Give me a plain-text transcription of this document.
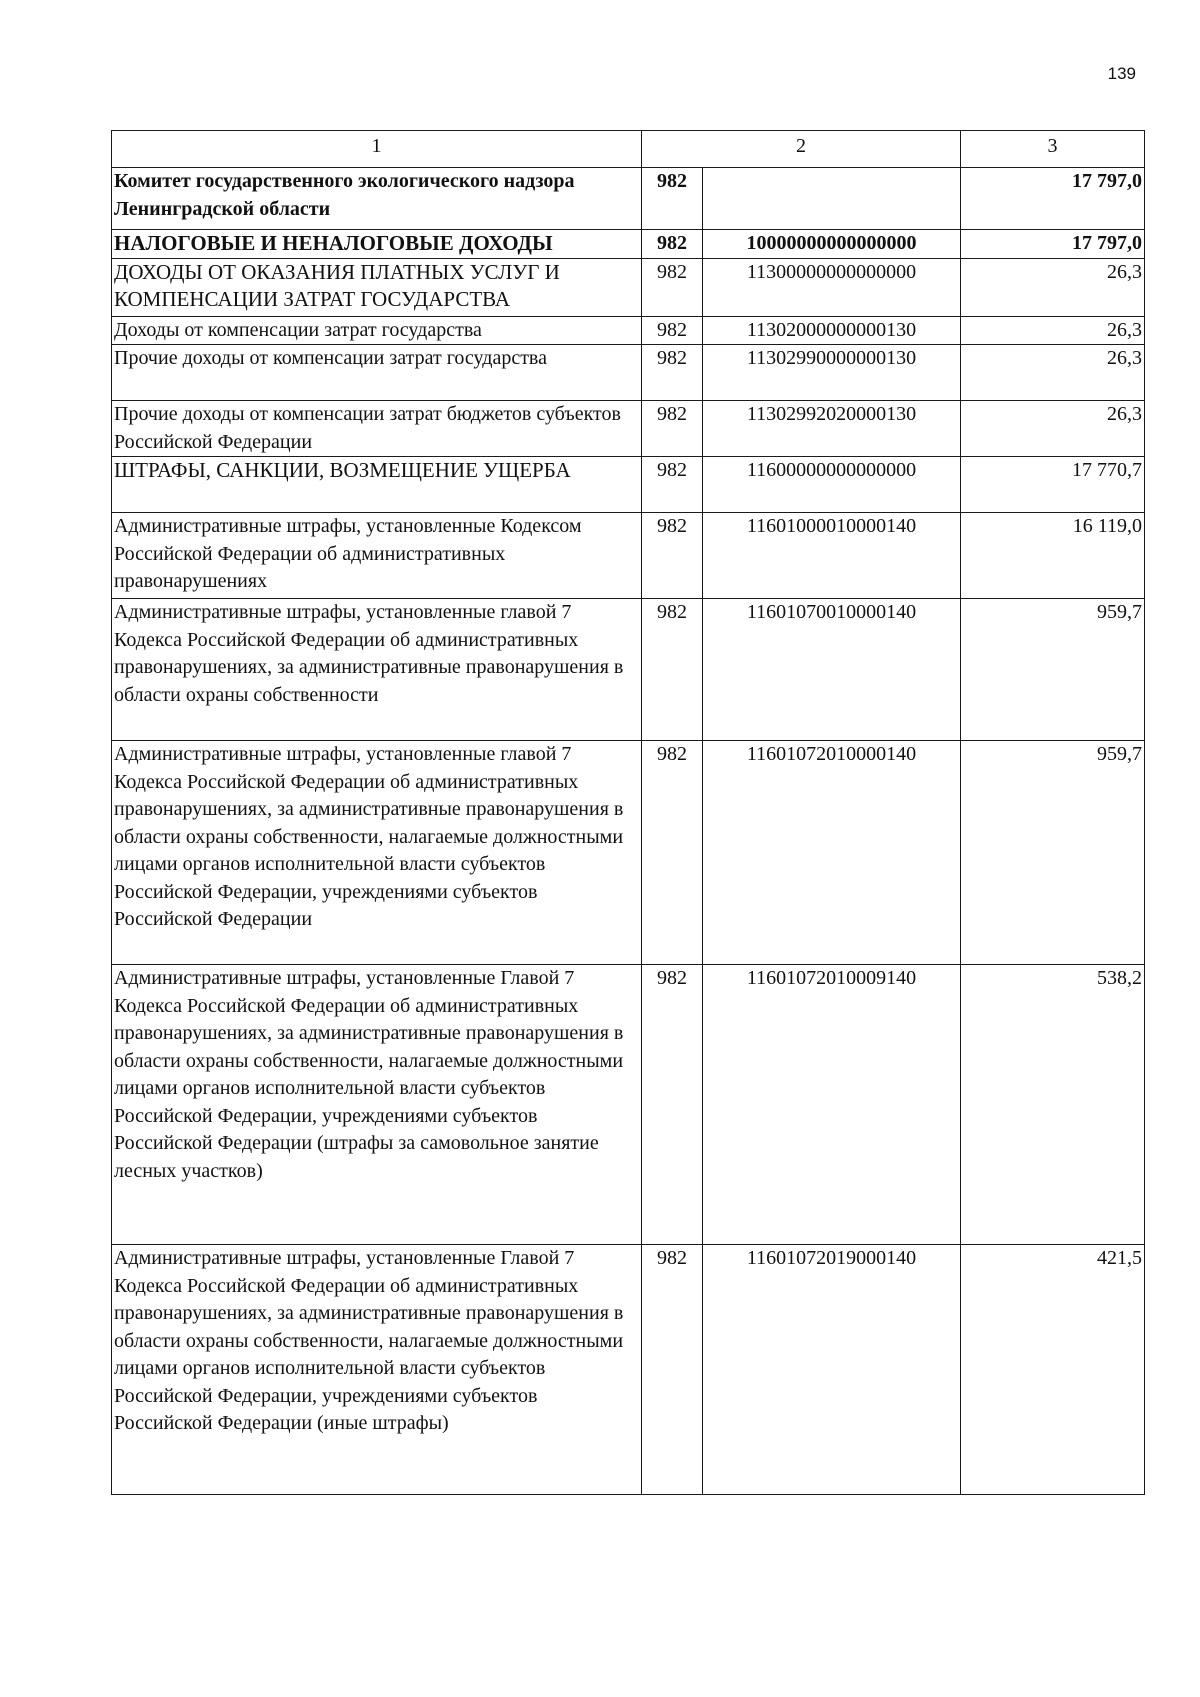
139
1	2		3
Комитет государственного экологического надзора Ленинградской области	982		17 797,0
НАЛОГОВЫЕ И НЕНАЛОГОВЫЕ ДОХОДЫ	982	10000000000000000	17 797,0
ДОХОДЫ ОТ ОКАЗАНИЯ ПЛАТНЫХ УСЛУГ И КОМПЕНСАЦИИ ЗАТРАТ ГОСУДАРСТВА	982	11300000000000000	26,3
Доходы от компенсации затрат государства	982	11302000000000130	26,3
Прочие доходы от компенсации затрат государства	982	11302990000000130	26,3
Прочие доходы от компенсации затрат бюджетов субъектов Российской Федерации	982	11302992020000130	26,3
ШТРАФЫ, САНКЦИИ, ВОЗМЕЩЕНИЕ УЩЕРБА	982	11600000000000000	17 770,7
Административные штрафы, установленные Кодексом Российской Федерации об административных правонарушениях	982	11601000010000140	16 119,0
Административные штрафы, установленные главой 7 Кодекса Российской Федерации об административных правонарушениях, за административные правонарушения в области охраны собственности	982	11601070010000140	959,7
Административные штрафы, установленные главой 7 Кодекса Российской Федерации об административных правонарушениях, за административные правонарушения в области охраны собственности, налагаемые должностными лицами органов исполнительной власти субъектов Российской Федерации, учреждениями субъектов Российской Федерации	982	11601072010000140	959,7
Административные штрафы, установленные Главой 7 Кодекса Российской Федерации об административных правонарушениях, за административные правонарушения в области охраны собственности, налагаемые должностными лицами органов исполнительной власти субъектов Российской Федерации, учреждениями субъектов Российской Федерации (штрафы за самовольное занятие лесных участков)	982	11601072010009140	538,2
Административные штрафы, установленные Главой 7 Кодекса Российской Федерации об административных правонарушениях, за административные правонарушения в области охраны собственности, налагаемые должностными лицами органов исполнительной власти субъектов Российской Федерации, учреждениями субъектов Российской Федерации (иные штрафы)	982	11601072019000140	421,5
